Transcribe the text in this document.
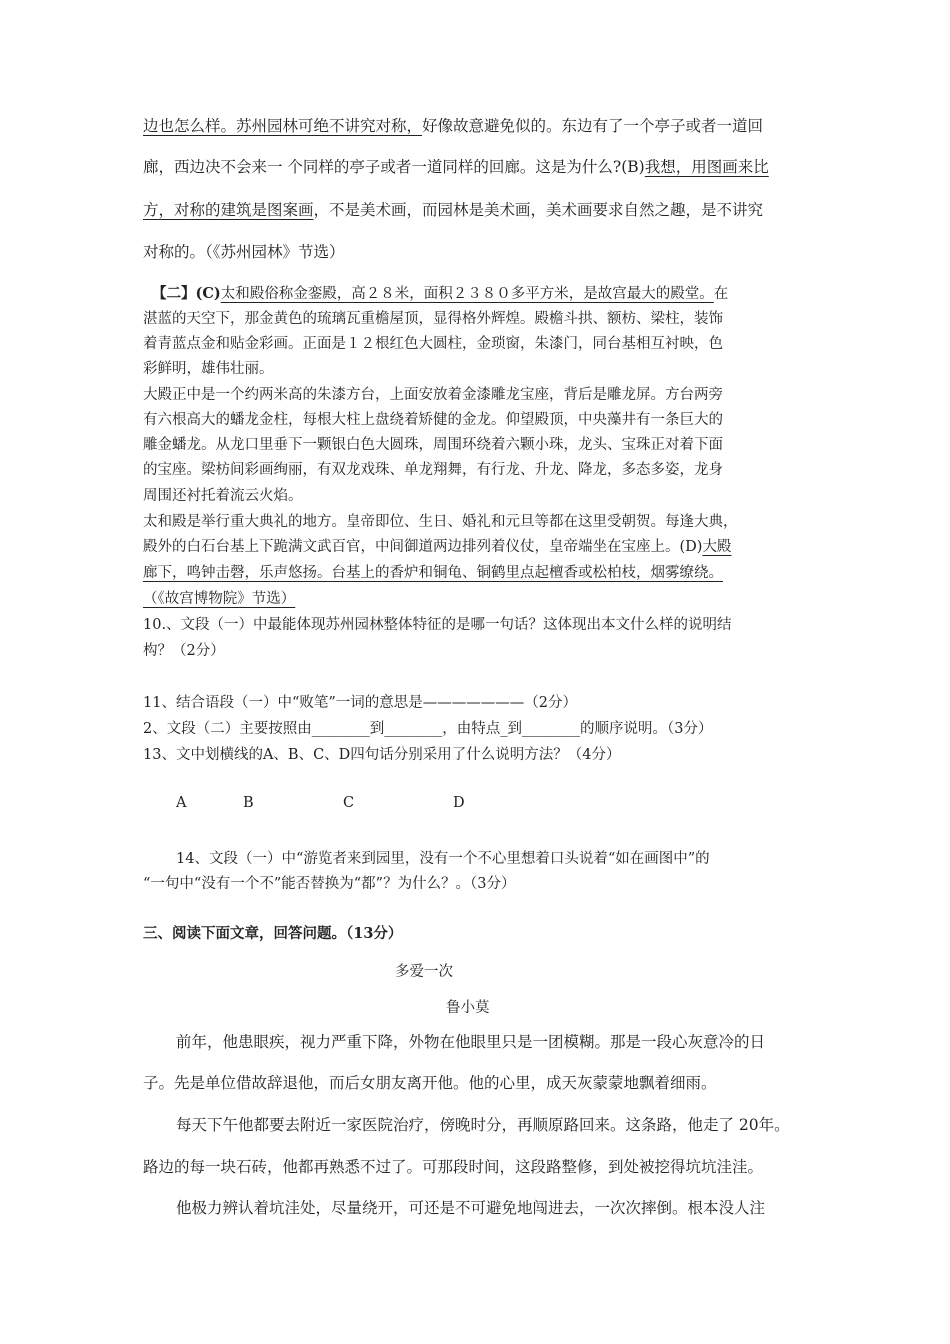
边也怎么样。苏州园林可绝不讲究对称，好像故意避免似的。东边有了一个亭子或者一道回
廊，西边决不会来一 个同样的亭子或者一道同样的回廊。这是为什么?(B)我想，用图画来比
方，对称的建筑是图案画，不是美术画，而园林是美术画，美术画要求自然之趣，是不讲究
对称的。（《苏州园林》节选）
【二】(C)太和殿俗称金銮殿，高２８米，面积２３８０多平方米，是故宫最大的殿堂。在
湛蓝的天空下，那金黄色的琉璃瓦重檐屋顶，显得格外辉煌。殿檐斗拱、额枋、梁柱，装饰
着青蓝点金和贴金彩画。正面是１２根红色大圆柱，金琐窗，朱漆门，同台基相互衬映，色
彩鲜明，雄伟壮丽。
大殿正中是一个约两米高的朱漆方台，上面安放着金漆雕龙宝座，背后是雕龙屏。方台两旁
有六根高大的蟠龙金柱，每根大柱上盘绕着矫健的金龙。仰望殿顶，中央藻井有一条巨大的
雕金蟠龙。从龙口里垂下一颗银白色大圆珠，周围环绕着六颗小珠，龙头、宝珠正对着下面
的宝座。梁枋间彩画绚丽，有双龙戏珠、单龙翔舞，有行龙、升龙、降龙，多态多姿，龙身
周围还衬托着流云火焰。
太和殿是举行重大典礼的地方。皇帝即位、生日、婚礼和元旦等都在这里受朝贺。每逢大典，
殿外的白石台基上下跪满文武百官，中间御道两边排列着仪仗，皇帝端坐在宝座上。(D)大殿
廊下，鸣钟击磬，乐声悠扬。台基上的香炉和铜龟、铜鹤里点起檀香或松柏枝，烟雾缭绕。
（《故宫博物院》节选）
10.、文段（一）中最能体现苏州园林整体特征的是哪一句话？这体现出本文什么样的说明结
构？（2分）
11、结合语段（一）中“败笔”一词的意思是———————（2分）
2、文段（二）主要按照由________到________，由特点_到________的顺序说明。（3分）
13、文中划横线的A、B、C、D四句话分别采用了什么说明方法？（4分）
A	B	C	D
14、文段（一）中“游览者来到园里，没有一个不心里想着口头说着“如在画图中”的
“一句中“没有一个不”能否替换为“都”？为什么？。（3分）
三、阅读下面文章，回答问题。（13分）
多爱一次
鲁小莫
前年，他患眼疾，视力严重下降，外物在他眼里只是一团模糊。那是一段心灰意冷的日
子。先是单位借故辞退他，而后女朋友离开他。他的心里，成天灰蒙蒙地飘着细雨。
每天下午他都要去附近一家医院治疗，傍晚时分，再顺原路回来。这条路，他走了 20年。
路边的每一块石砖，他都再熟悉不过了。可那段时间，这段路整修，到处被挖得坑坑洼洼。
他极力辨认着坑洼处，尽量绕开，可还是不可避免地闯进去，一次次摔倒。根本没人注
